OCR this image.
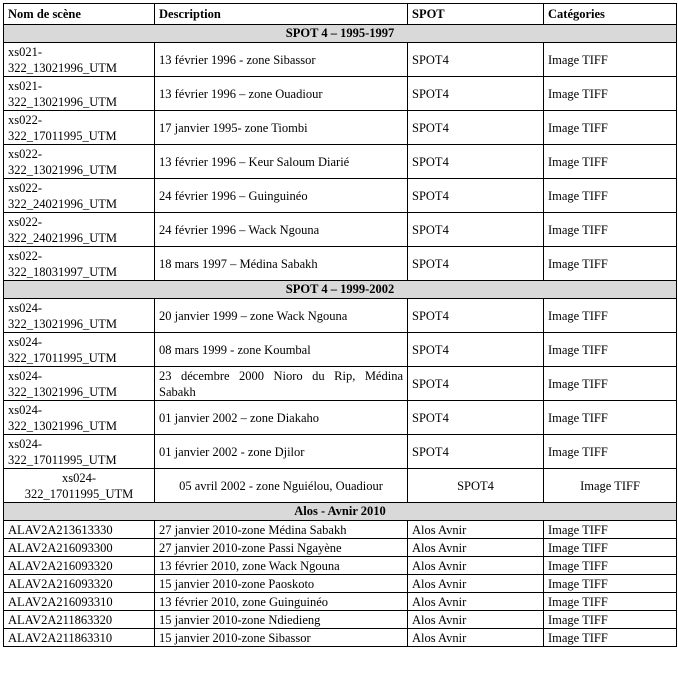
Nom de scène	Description	SPOT	Catégories
SPOT 4 – 1995-1997			
xs021-
322_13021996_UTM	13 février 1996 - zone Sibassor	SPOT4	Image TIFF
xs021-
322_13021996_UTM	13 février 1996 – zone Ouadiour	SPOT4	Image TIFF
xs022-
322_17011995_UTM	17 janvier 1995- zone Tiombi	SPOT4	Image TIFF
xs022-
322_13021996_UTM	13 février 1996 – Keur Saloum Diarié	SPOT4	Image TIFF
xs022-
322_24021996_UTM	24 février 1996 – Guinguinéo	SPOT4	Image TIFF
xs022-
322_24021996_UTM	24 février 1996 – Wack Ngouna	SPOT4	Image TIFF
xs022-
322_18031997_UTM	18 mars 1997 – Médina Sabakh	SPOT4	Image TIFF
SPOT 4 – 1999-2002			
xs024-
322_13021996_UTM	20 janvier 1999 – zone Wack Ngouna	SPOT4	Image TIFF
xs024-
322_17011995_UTM	08 mars 1999 - zone Koumbal	SPOT4	Image TIFF
xs024-
322_13021996_UTM	23 décembre 2000 Nioro du Rip, Médina Sabakh	SPOT4	Image TIFF
xs024-
322_13021996_UTM	01 janvier 2002 – zone Diakaho	SPOT4	Image TIFF
xs024-
322_17011995_UTM	01 janvier 2002 - zone Djilor	SPOT4	Image TIFF
xs024-
322_17011995_UTM	05 avril 2002 - zone Nguiélou, Ouadiour	SPOT4	Image TIFF
Alos - Avnir 2010			
ALAV2A213613330	27 janvier 2010-zone Médina Sabakh	Alos Avnir	Image TIFF
ALAV2A216093300	27 janvier 2010-zone Passi Ngayène	Alos Avnir	Image TIFF
ALAV2A216093320	13 février 2010, zone Wack Ngouna	Alos Avnir	Image TIFF
ALAV2A216093320	15 janvier 2010-zone Paoskoto	Alos Avnir	Image TIFF
ALAV2A216093310	13 février 2010, zone Guinguinéo	Alos Avnir	Image TIFF
ALAV2A211863320	15 janvier 2010-zone Ndiedieng	Alos Avnir	Image TIFF
ALAV2A211863310	15 janvier 2010-zone Sibassor	Alos Avnir	Image TIFF
